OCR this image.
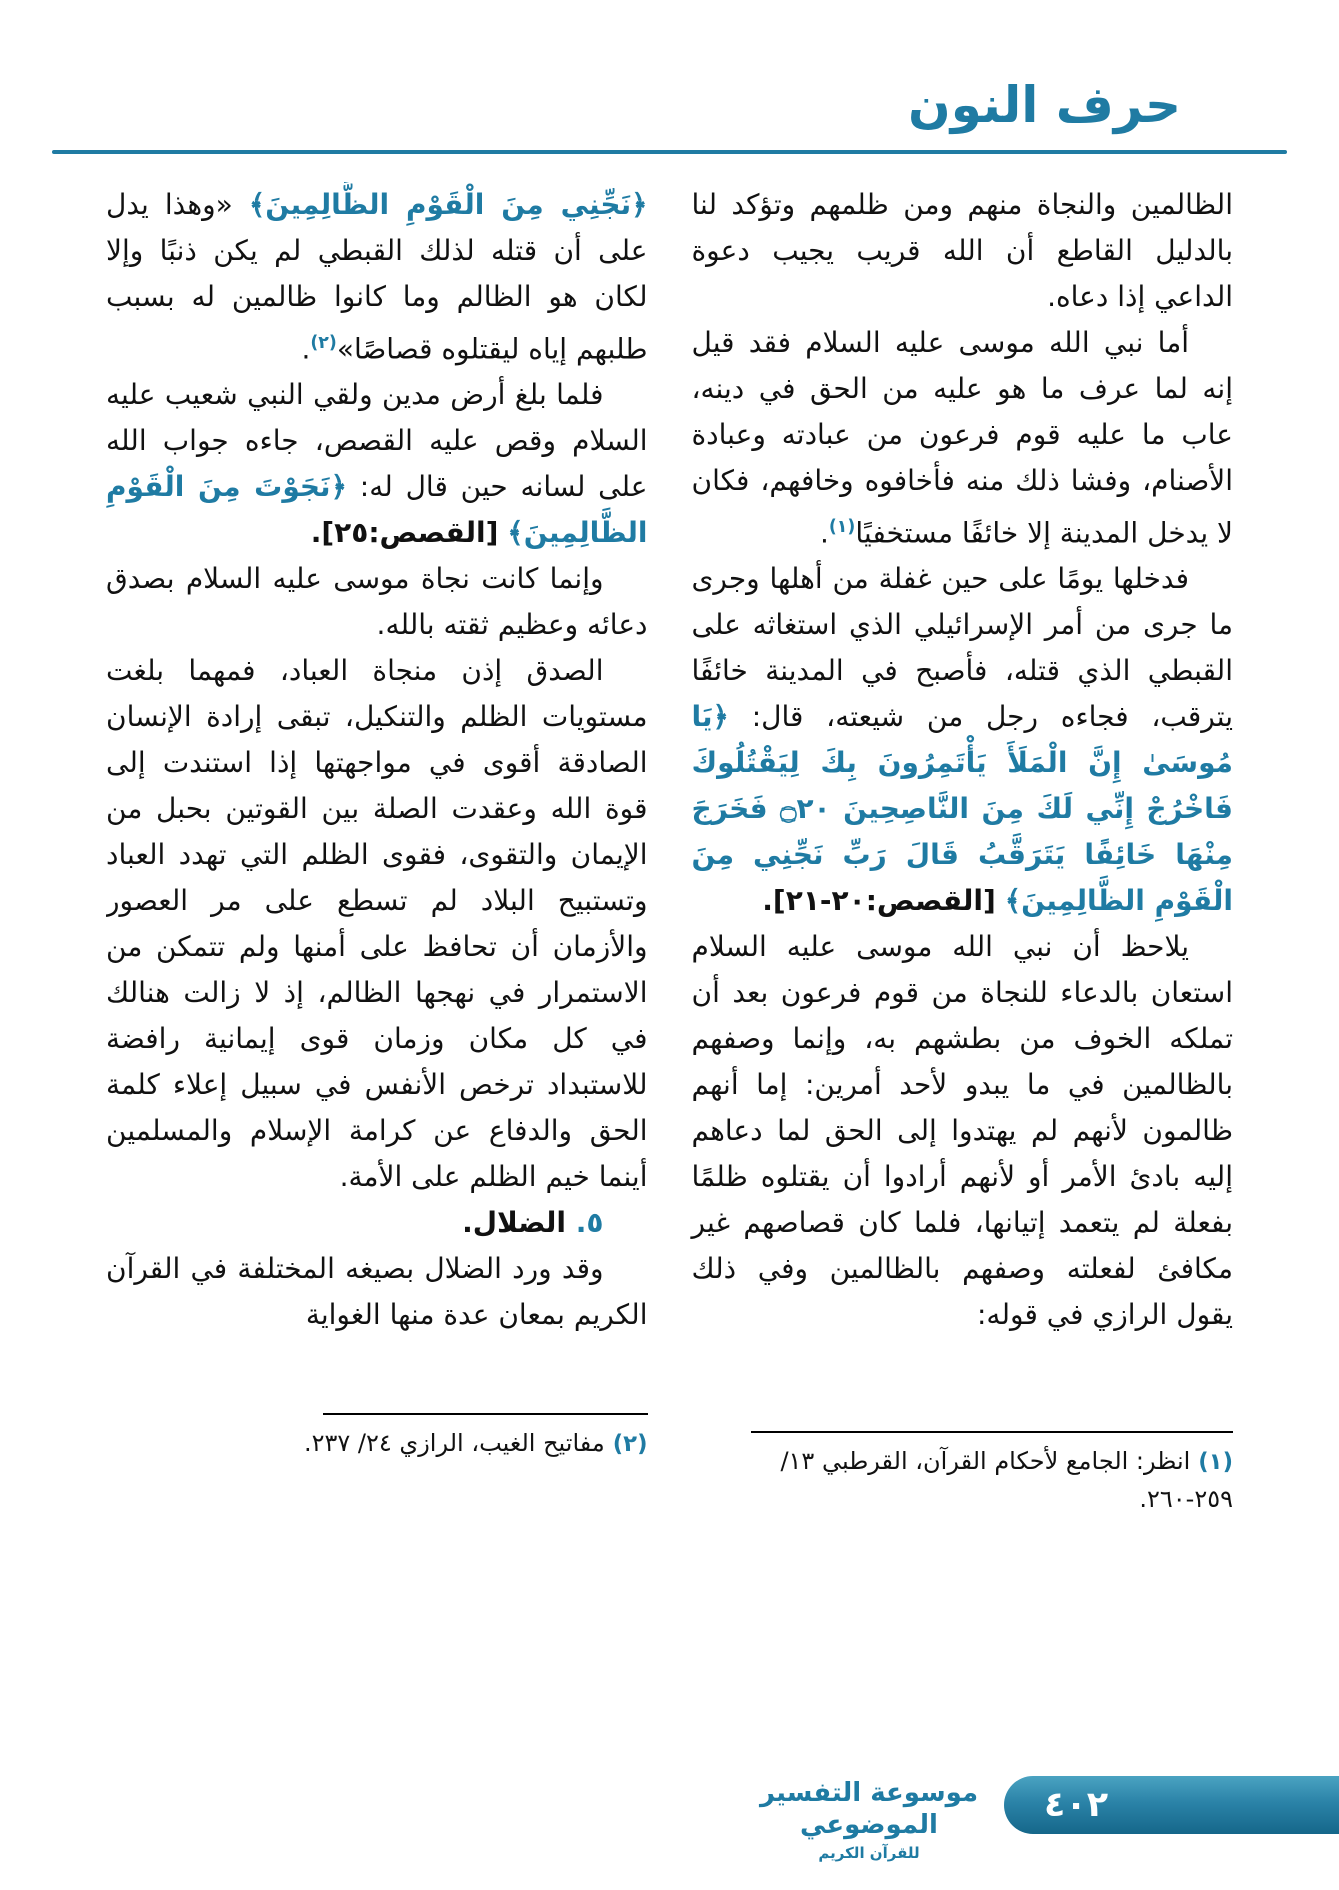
حرف النون

الظالمين والنجاة منهم ومن ظلمهم وتؤكد لنا بالدليل القاطع أن الله قريب يجيب دعوة الداعي إذا دعاه.

أما نبي الله موسى عليه السلام فقد قيل إنه لما عرف ما هو عليه من الحق في دينه، عاب ما عليه قوم فرعون من عبادته وعبادة الأصنام، وفشا ذلك منه فأخافوه وخافهم، فكان لا يدخل المدينة إلا خائفًا مستخفيًا$^{(١)}$.

فدخلها يومًا على حين غفلة من أهلها وجرى ما جرى من أمر الإسرائيلي الذي استغاثه على القبطي الذي قتله، فأصبح في المدينة خائفًا يترقب، فجاءه رجل من شيعته، قال: ﴿يَا مُوسَىٰ إِنَّ الْمَلَأَ يَأْتَمِرُونَ بِكَ لِيَقْتُلُوكَ فَاخْرُجْ إِنِّي لَكَ مِنَ النَّاصِحِينَ ۝٢٠ فَخَرَجَ مِنْهَا خَائِفًا يَتَرَقَّبُ قَالَ رَبِّ نَجِّنِي مِنَ الْقَوْمِ الظَّالِمِينَ﴾ [القصص:٢٠-٢١].

يلاحظ أن نبي الله موسى عليه السلام استعان بالدعاء للنجاة من قوم فرعون بعد أن تملكه الخوف من بطشهم به، وإنما وصفهم بالظالمين في ما يبدو لأحد أمرين: إما أنهم ظالمون لأنهم لم يهتدوا إلى الحق لما دعاهم إليه بادئ الأمر أو لأنهم أرادوا أن يقتلوه ظلمًا بفعلة لم يتعمد إتيانها، فلما كان قصاصهم غير مكافئ لفعلته وصفهم بالظالمين وفي ذلك يقول الرازي في قوله:

(١) انظر: الجامع لأحكام القرآن، القرطبي ١٣/ ٢٥٩-٢٦٠.

﴿نَجِّنِي مِنَ الْقَوْمِ الظَّالِمِينَ﴾ «وهذا يدل على أن قتله لذلك القبطي لم يكن ذنبًا وإلا لكان هو الظالم وما كانوا ظالمين له بسبب طلبهم إياه ليقتلوه قصاصًا»$^{(٢)}$.

فلما بلغ أرض مدين ولقي النبي شعيب عليه السلام وقص عليه القصص، جاءه جواب الله على لسانه حين قال له: ﴿نَجَوْتَ مِنَ الْقَوْمِ الظَّالِمِينَ﴾ [القصص:٢٥].

وإنما كانت نجاة موسى عليه السلام بصدق دعائه وعظيم ثقته بالله.

الصدق إذن منجاة العباد، فمهما بلغت مستويات الظلم والتنكيل، تبقى إرادة الإنسان الصادقة أقوى في مواجهتها إذا استندت إلى قوة الله وعقدت الصلة بين القوتين بحبل من الإيمان والتقوى، فقوى الظلم التي تهدد العباد وتستبيح البلاد لم تسطع على مر العصور والأزمان أن تحافظ على أمنها ولم تتمكن من الاستمرار في نهجها الظالم، إذ لا زالت هنالك في كل مكان وزمان قوى إيمانية رافضة للاستبداد ترخص الأنفس في سبيل إعلاء كلمة الحق والدفاع عن كرامة الإسلام والمسلمين أينما خيم الظلم على الأمة.

٥. الضلال.

وقد ورد الضلال بصيغه المختلفة في القرآن الكريم بمعان عدة منها الغواية

(٢) مفاتيح الغيب، الرازي ٢٤/ ٢٣٧.

موسوعة التفسير الموضوعي
للقرآن الكريم
٤٠٢
